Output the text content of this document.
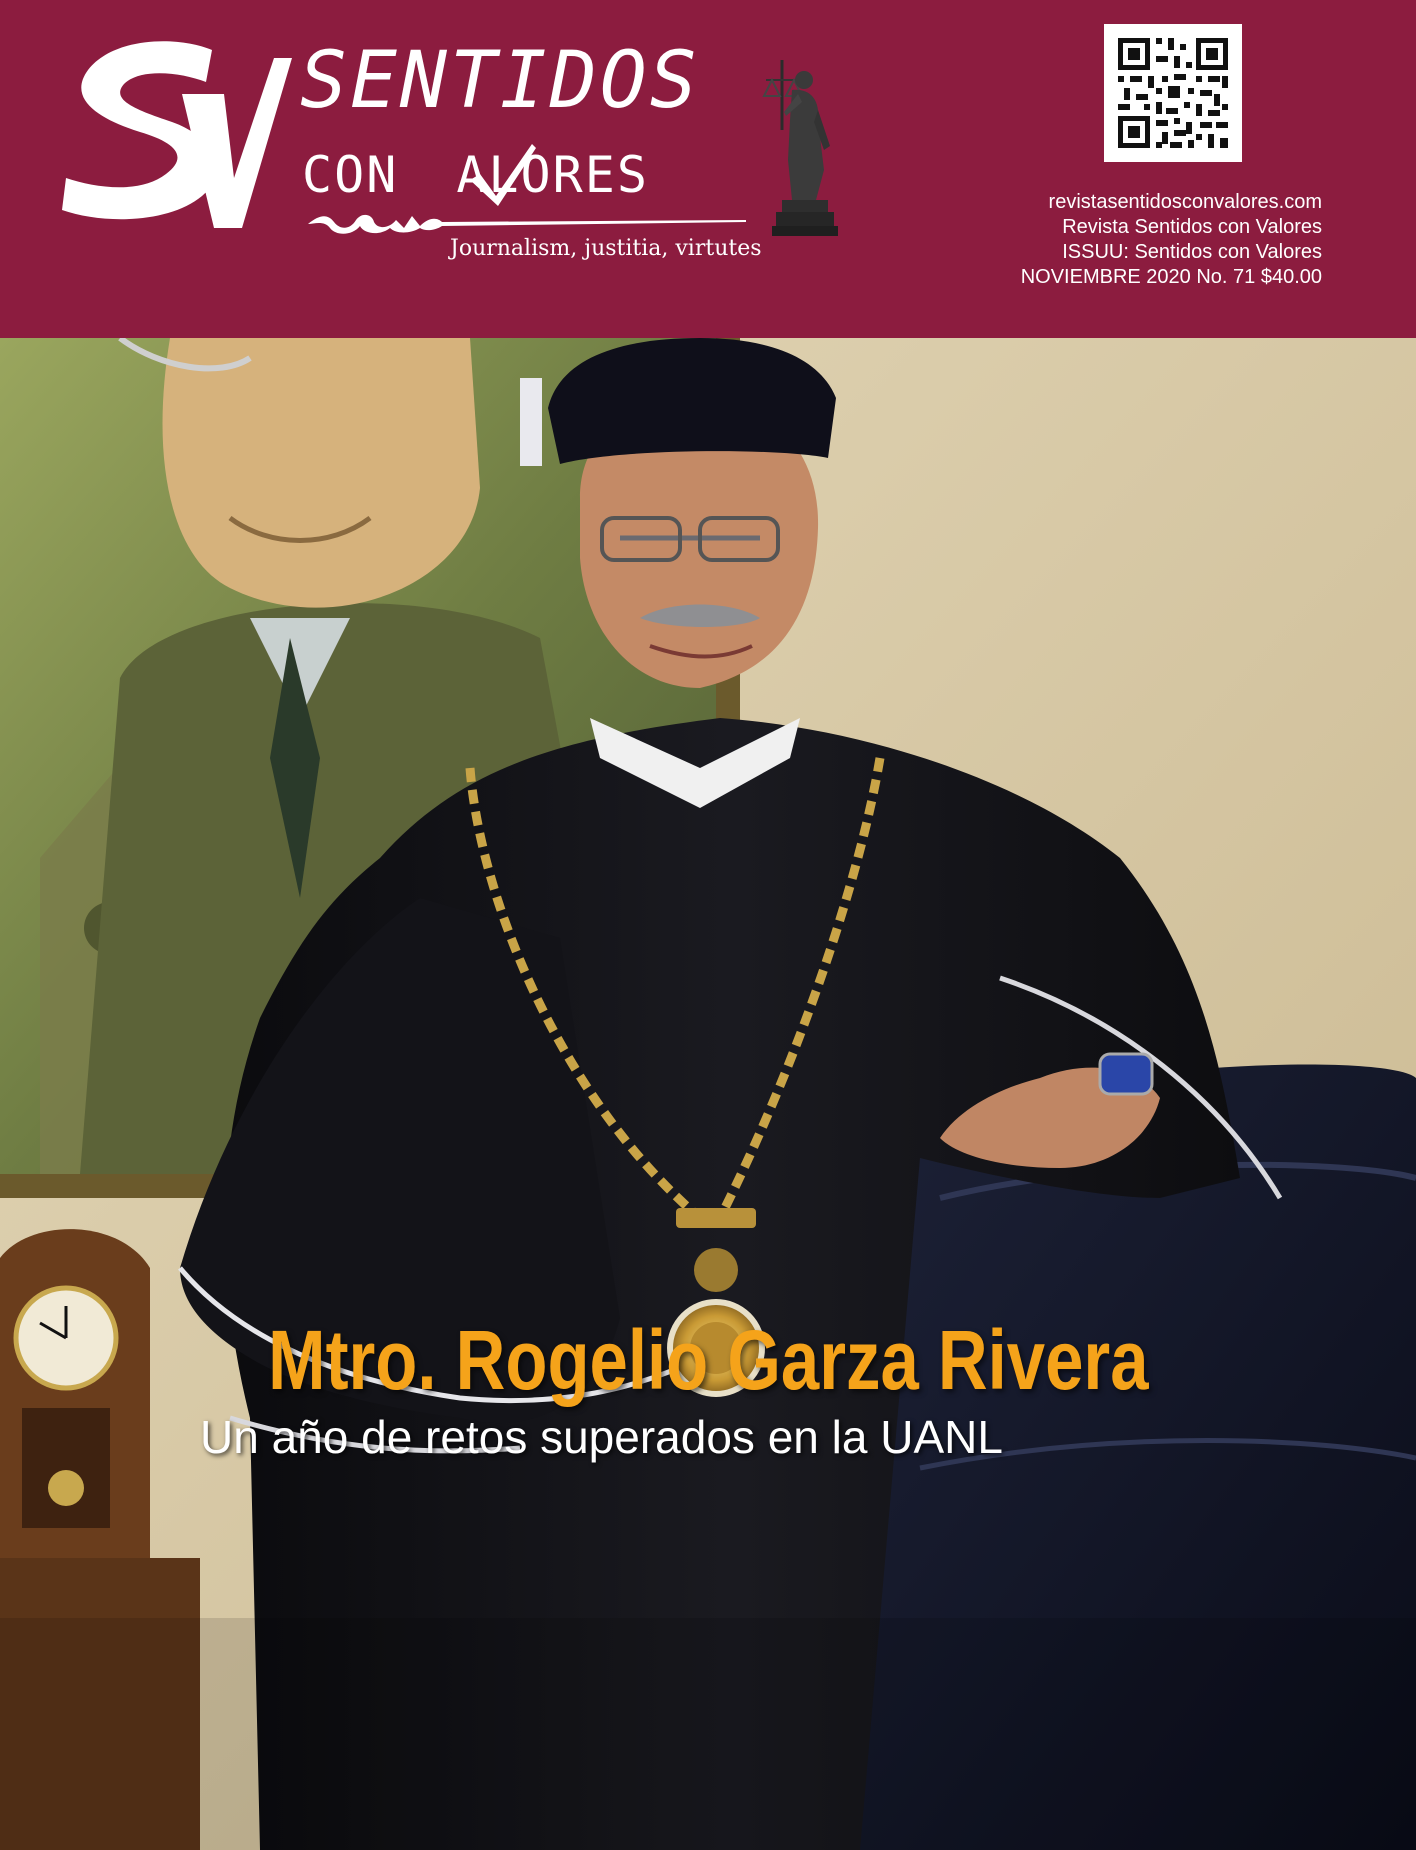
SENTIDOS
CON ALORES
Journalism, justitia, virtutes
revistasentidosconvalores.com
Revista Sentidos con Valores
ISSUU: Sentidos con Valores
NOVIEMBRE 2020 No. 71 $40.00
Mtro. Rogelio Garza Rivera
Un año de retos superados en la UANL
